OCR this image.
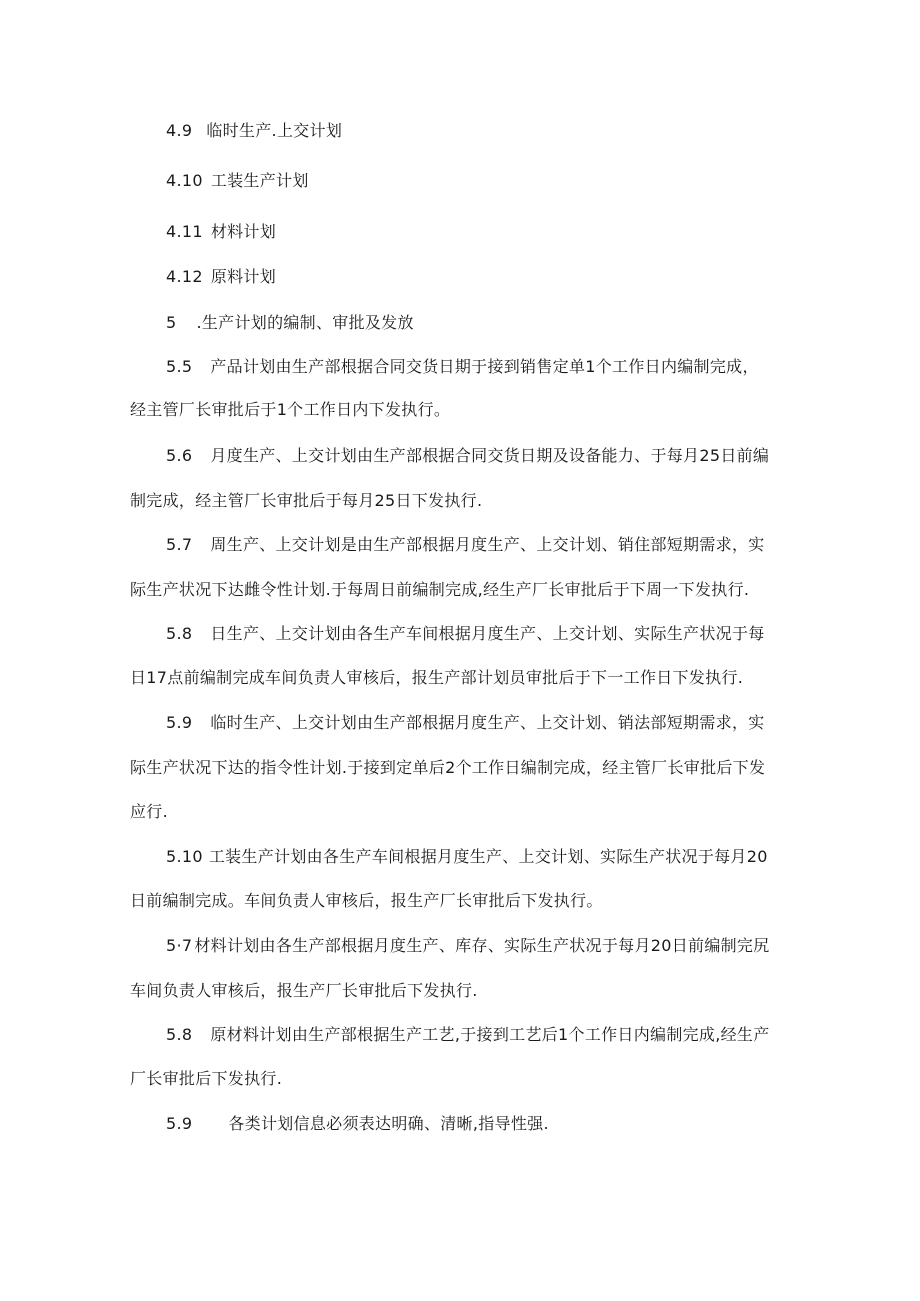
4.9 临时生产.上交计划
4.10 工装生产计划
4.11 材料计划
4.12 原料计划
5 .生产计划的编制、审批及发放
5.5 产品计划由生产部根据合同交货日期于接到销售定单1个工作日内编制完成，
经主管厂长审批后于1个工作日内下发执行。
5.6 月度生产、上交计划由生产部根据合同交货日期及设备能力、于每月25日前编
制完成，经主管厂长审批后于每月25日下发执行.
5.7 周生产、上交计划是由生产部根据月度生产、上交计划、销住部短期需求，实
际生产状况下达雌令性计划.于每周日前编制完成,经生产厂长审批后于下周一下发执行.
5.8 日生产、上交计划由各生产车间根据月度生产、上交计划、实际生产状况于每
日17点前编制完成车间负责人审核后，报生产部计划员审批后于下一工作日下发执行.
5.9 临时生产、上交计划由生产部根据月度生产、上交计划、销法部短期需求，实
际生产状况下达的指令性计划.于接到定单后2个工作日编制完成，经主管厂长审批后下发
应行.
5.10 工装生产计划由各生产车间根据月度生产、上交计划、实际生产状况于每月20
日前编制完成。车间负责人审核后，报生产厂长审批后下发执行。
5·7 材料计划由各生产部根据月度生产、库存、实际生产状况于每月20日前编制完尻
车间负责人审核后，报生产厂长审批后下发执行.
5.8 原材料计划由生产部根据生产工艺,于接到工艺后1个工作日内编制完成,经生产
厂长审批后下发执行.
5.9 各类计划信息必须表达明确、清晰,指导性强.
